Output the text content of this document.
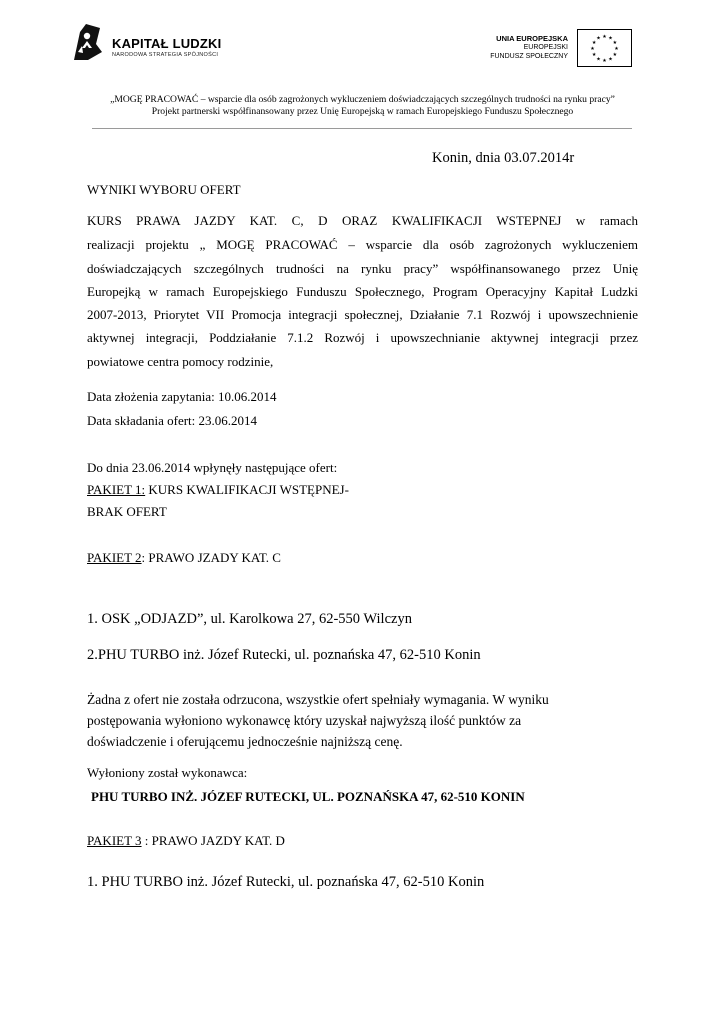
KAPITAŁ LUDZKI
NARODOWA STRATEGIA SPÓJNOŚCI
UNIA EUROPEJSKA
EUROPEJSKI
FUNDUSZ SPOŁECZNY
★ ★
★
★
★
★
★
★
★
★
★
★
„MOGĘ PRACOWAĆ – wsparcie dla osób zagrożonych wykluczeniem doświadczających szczególnych trudności na rynku pracy”
Projekt partnerski współfinansowany przez Unię Europejską w ramach Europejskiego Funduszu Społecznego
Konin, dnia 03.07.2014r
WYNIKI WYBORU OFERT
KURS PRAWA JAZDY KAT. C, D ORAZ KWALIFIKACJI WSTEPNEJ w ramach
realizacji projektu „ MOGĘ PRACOWAĆ – wsparcie dla osób zagrożonych wykluczeniem
doświadczających szczególnych trudności na rynku pracy” współfinansowanego przez Unię
Europejką w ramach Europejskiego Funduszu Społecznego, Program Operacyjny Kapitał Ludzki
2007-2013, Priorytet VII Promocja integracji społecznej, Działanie 7.1 Rozwój i upowszechnienie
aktywnej integracji, Poddziałanie 7.1.2 Rozwój i upowszechnianie aktywnej integracji przez
powiatowe centra pomocy rodzinie,
Data złożenia zapytania: 10.06.2014
Data składania ofert: 23.06.2014
Do dnia 23.06.2014 wpłynęły następujące ofert:
PAKIET 1: KURS KWALIFIKACJI WSTĘPNEJ-
BRAK OFERT
PAKIET 2: PRAWO JZADY KAT. C
1. OSK „ODJAZD”, ul. Karolkowa 27, 62-550 Wilczyn
2.PHU TURBO inż. Józef Rutecki, ul. poznańska 47, 62-510 Konin
Żadna z ofert nie została odrzucona, wszystkie ofert spełniały wymagania. W wyniku
postępowania wyłoniono wykonawcę który uzyskał najwyższą ilość punktów za
doświadczenie i oferującemu jednocześnie najniższą cenę.
Wyłoniony został wykonawca:
PHU TURBO INŻ. JÓZEF RUTECKI, UL. POZNAŃSKA 47, 62-510 KONIN
PAKIET 3 : PRAWO JAZDY KAT. D
1. PHU TURBO inż. Józef Rutecki, ul. poznańska 47, 62-510 Konin
